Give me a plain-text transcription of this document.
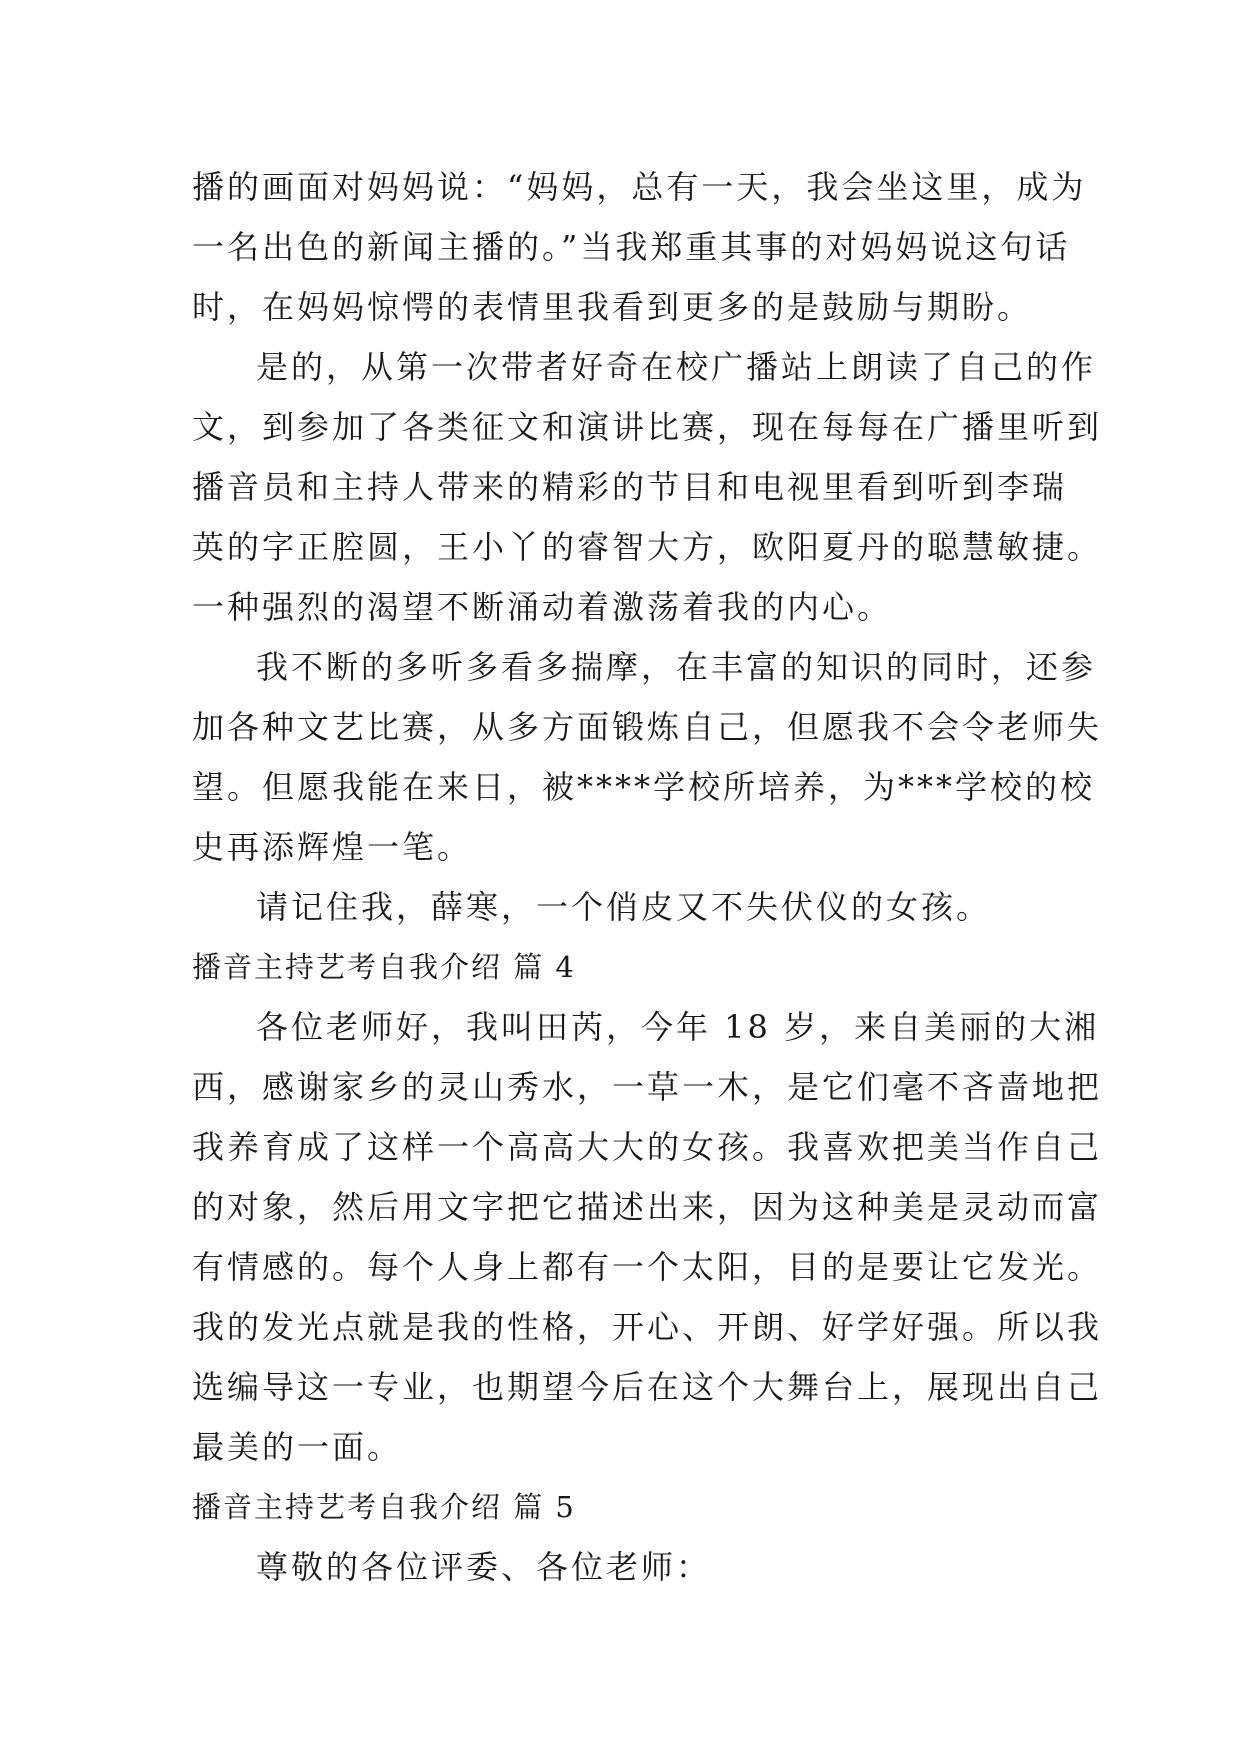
播的画面对妈妈说：“妈妈，总有一天，我会坐这里，成为
一名出色的新闻主播的。”当我郑重其事的对妈妈说这句话
时，在妈妈惊愕的表情里我看到更多的是鼓励与期盼。
是的，从第一次带者好奇在校广播站上朗读了自己的作
文，到参加了各类征文和演讲比赛，现在每每在广播里听到
播音员和主持人带来的精彩的节目和电视里看到听到李瑞
英的字正腔圆，王小丫的睿智大方，欧阳夏丹的聪慧敏捷。
一种强烈的渴望不断涌动着激荡着我的内心。
我不断的多听多看多揣摩，在丰富的知识的同时，还参
加各种文艺比赛，从多方面锻炼自己，但愿我不会令老师失
望。但愿我能在来日，被****学校所培养，为***学校的校
史再添辉煌一笔。
请记住我，薛寒，一个俏皮又不失伏仪的女孩。
播音主持艺考自我介绍 篇 4
各位老师好，我叫田芮，今年 18 岁，来自美丽的大湘
西，感谢家乡的灵山秀水，一草一木，是它们毫不吝啬地把
我养育成了这样一个高高大大的女孩。我喜欢把美当作自己
的对象，然后用文字把它描述出来，因为这种美是灵动而富
有情感的。每个人身上都有一个太阳，目的是要让它发光。
我的发光点就是我的性格，开心、开朗、好学好强。所以我
选编导这一专业，也期望今后在这个大舞台上，展现出自己
最美的一面。
播音主持艺考自我介绍 篇 5
尊敬的各位评委、各位老师：
